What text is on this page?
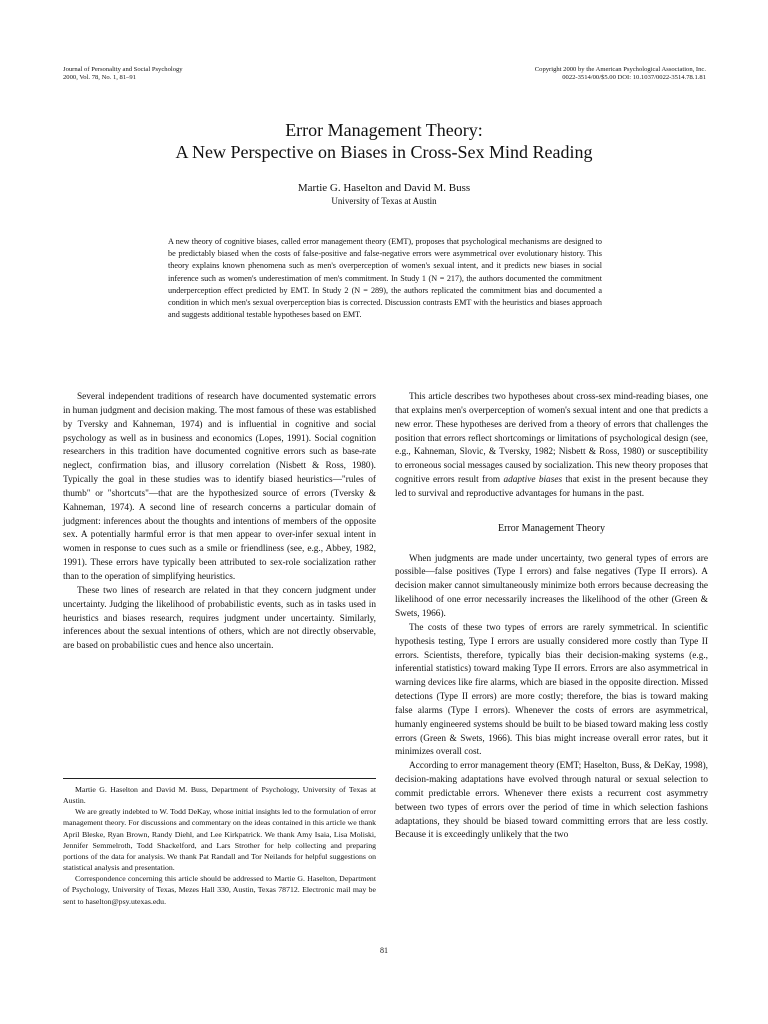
Journal of Personality and Social Psychology
2000, Vol. 78, No. 1, 81–91
Copyright 2000 by the American Psychological Association, Inc.
0022-3514/00/$5.00 DOI: 10.1037/0022-3514.78.1.81
Error Management Theory:
A New Perspective on Biases in Cross-Sex Mind Reading
Martie G. Haselton and David M. Buss
University of Texas at Austin
A new theory of cognitive biases, called error management theory (EMT), proposes that psychological mechanisms are designed to be predictably biased when the costs of false-positive and false-negative errors were asymmetrical over evolutionary history. This theory explains known phenomena such as men's overperception of women's sexual intent, and it predicts new biases in social inference such as women's underestimation of men's commitment. In Study 1 (N = 217), the authors documented the commitment underperception effect predicted by EMT. In Study 2 (N = 289), the authors replicated the commitment bias and documented a condition in which men's sexual overperception bias is corrected. Discussion contrasts EMT with the heuristics and biases approach and suggests additional testable hypotheses based on EMT.

Several independent traditions of research have documented systematic errors in human judgment and decision making. The most famous of these was established by Tversky and Kahneman, 1974) and is influential in cognitive and social psychology as well as in business and economics (Lopes, 1991). Social cognition researchers in this tradition have documented cognitive errors such as base-rate neglect, confirmation bias, and illusory correlation (Nisbett & Ross, 1980). Typically the goal in these studies was to identify biased heuristics—"rules of thumb" or "shortcuts"—that are the hypothesized source of errors (Tversky & Kahneman, 1974). A second line of research concerns a particular domain of judgment: inferences about the thoughts and intentions of members of the opposite sex. A potentially harmful error is that men appear to over-infer sexual intent in women in response to cues such as a smile or friendliness (see, e.g., Abbey, 1982, 1991). These errors have typically been attributed to sex-role socialization rather than to the operation of simplifying heuristics.

These two lines of research are related in that they concern judgment under uncertainty. Judging the likelihood of probabilistic events, such as in tasks used in heuristics and biases research, requires judgment under uncertainty. Similarly, inferences about the sexual intentions of others, which are not directly observable, are based on probabilistic cues and hence also uncertain.

Martie G. Haselton and David M. Buss, Department of Psychology, University of Texas at Austin.

We are greatly indebted to W. Todd DeKay, whose initial insights led to the formulation of error management theory. For discussions and commentary on the ideas contained in this article we thank April Bleske, Ryan Brown, Randy Diehl, and Lee Kirkpatrick. We thank Amy Isaia, Lisa Moliski, Jennifer Semmelroth, Todd Shackelford, and Lars Strother for help collecting and preparing portions of the data for analysis. We thank Pat Randall and Tor Neilands for helpful suggestions on statistical analysis and presentation.

Correspondence concerning this article should be addressed to Martie G. Haselton, Department of Psychology, University of Texas, Mezes Hall 330, Austin, Texas 78712. Electronic mail may be sent to haselton@psy.utexas.edu.

This article describes two hypotheses about cross-sex mind-reading biases, one that explains men's overperception of women's sexual intent and one that predicts a new error. These hypotheses are derived from a theory of errors that challenges the position that errors reflect shortcomings or limitations of psychological design (see, e.g., Kahneman, Slovic, & Tversky, 1982; Nisbett & Ross, 1980) or susceptibility to erroneous social messages caused by socialization. This new theory proposes that cognitive errors result from adaptive biases that exist in the present because they led to survival and reproductive advantages for humans in the past.

Error Management Theory

When judgments are made under uncertainty, two general types of errors are possible—false positives (Type I errors) and false negatives (Type II errors). A decision maker cannot simultaneously minimize both errors because decreasing the likelihood of one error necessarily increases the likelihood of the other (Green & Swets, 1966).

The costs of these two types of errors are rarely symmetrical. In scientific hypothesis testing, Type I errors are usually considered more costly than Type II errors. Scientists, therefore, typically bias their decision-making systems (e.g., inferential statistics) toward making Type II errors. Errors are also asymmetrical in warning devices like fire alarms, which are biased in the opposite direction. Missed detections (Type II errors) are more costly; therefore, the bias is toward making false alarms (Type I errors). Whenever the costs of errors are asymmetrical, humanly engineered systems should be built to be biased toward making less costly errors (Green & Swets, 1966). This bias might increase overall error rates, but it minimizes overall cost.

According to error management theory (EMT; Haselton, Buss, & DeKay, 1998), decision-making adaptations have evolved through natural or sexual selection to commit predictable errors. Whenever there exists a recurrent cost asymmetry between two types of errors over the period of time in which selection fashions adaptations, they should be biased toward committing errors that are less costly. Because it is exceedingly unlikely that the two

81
